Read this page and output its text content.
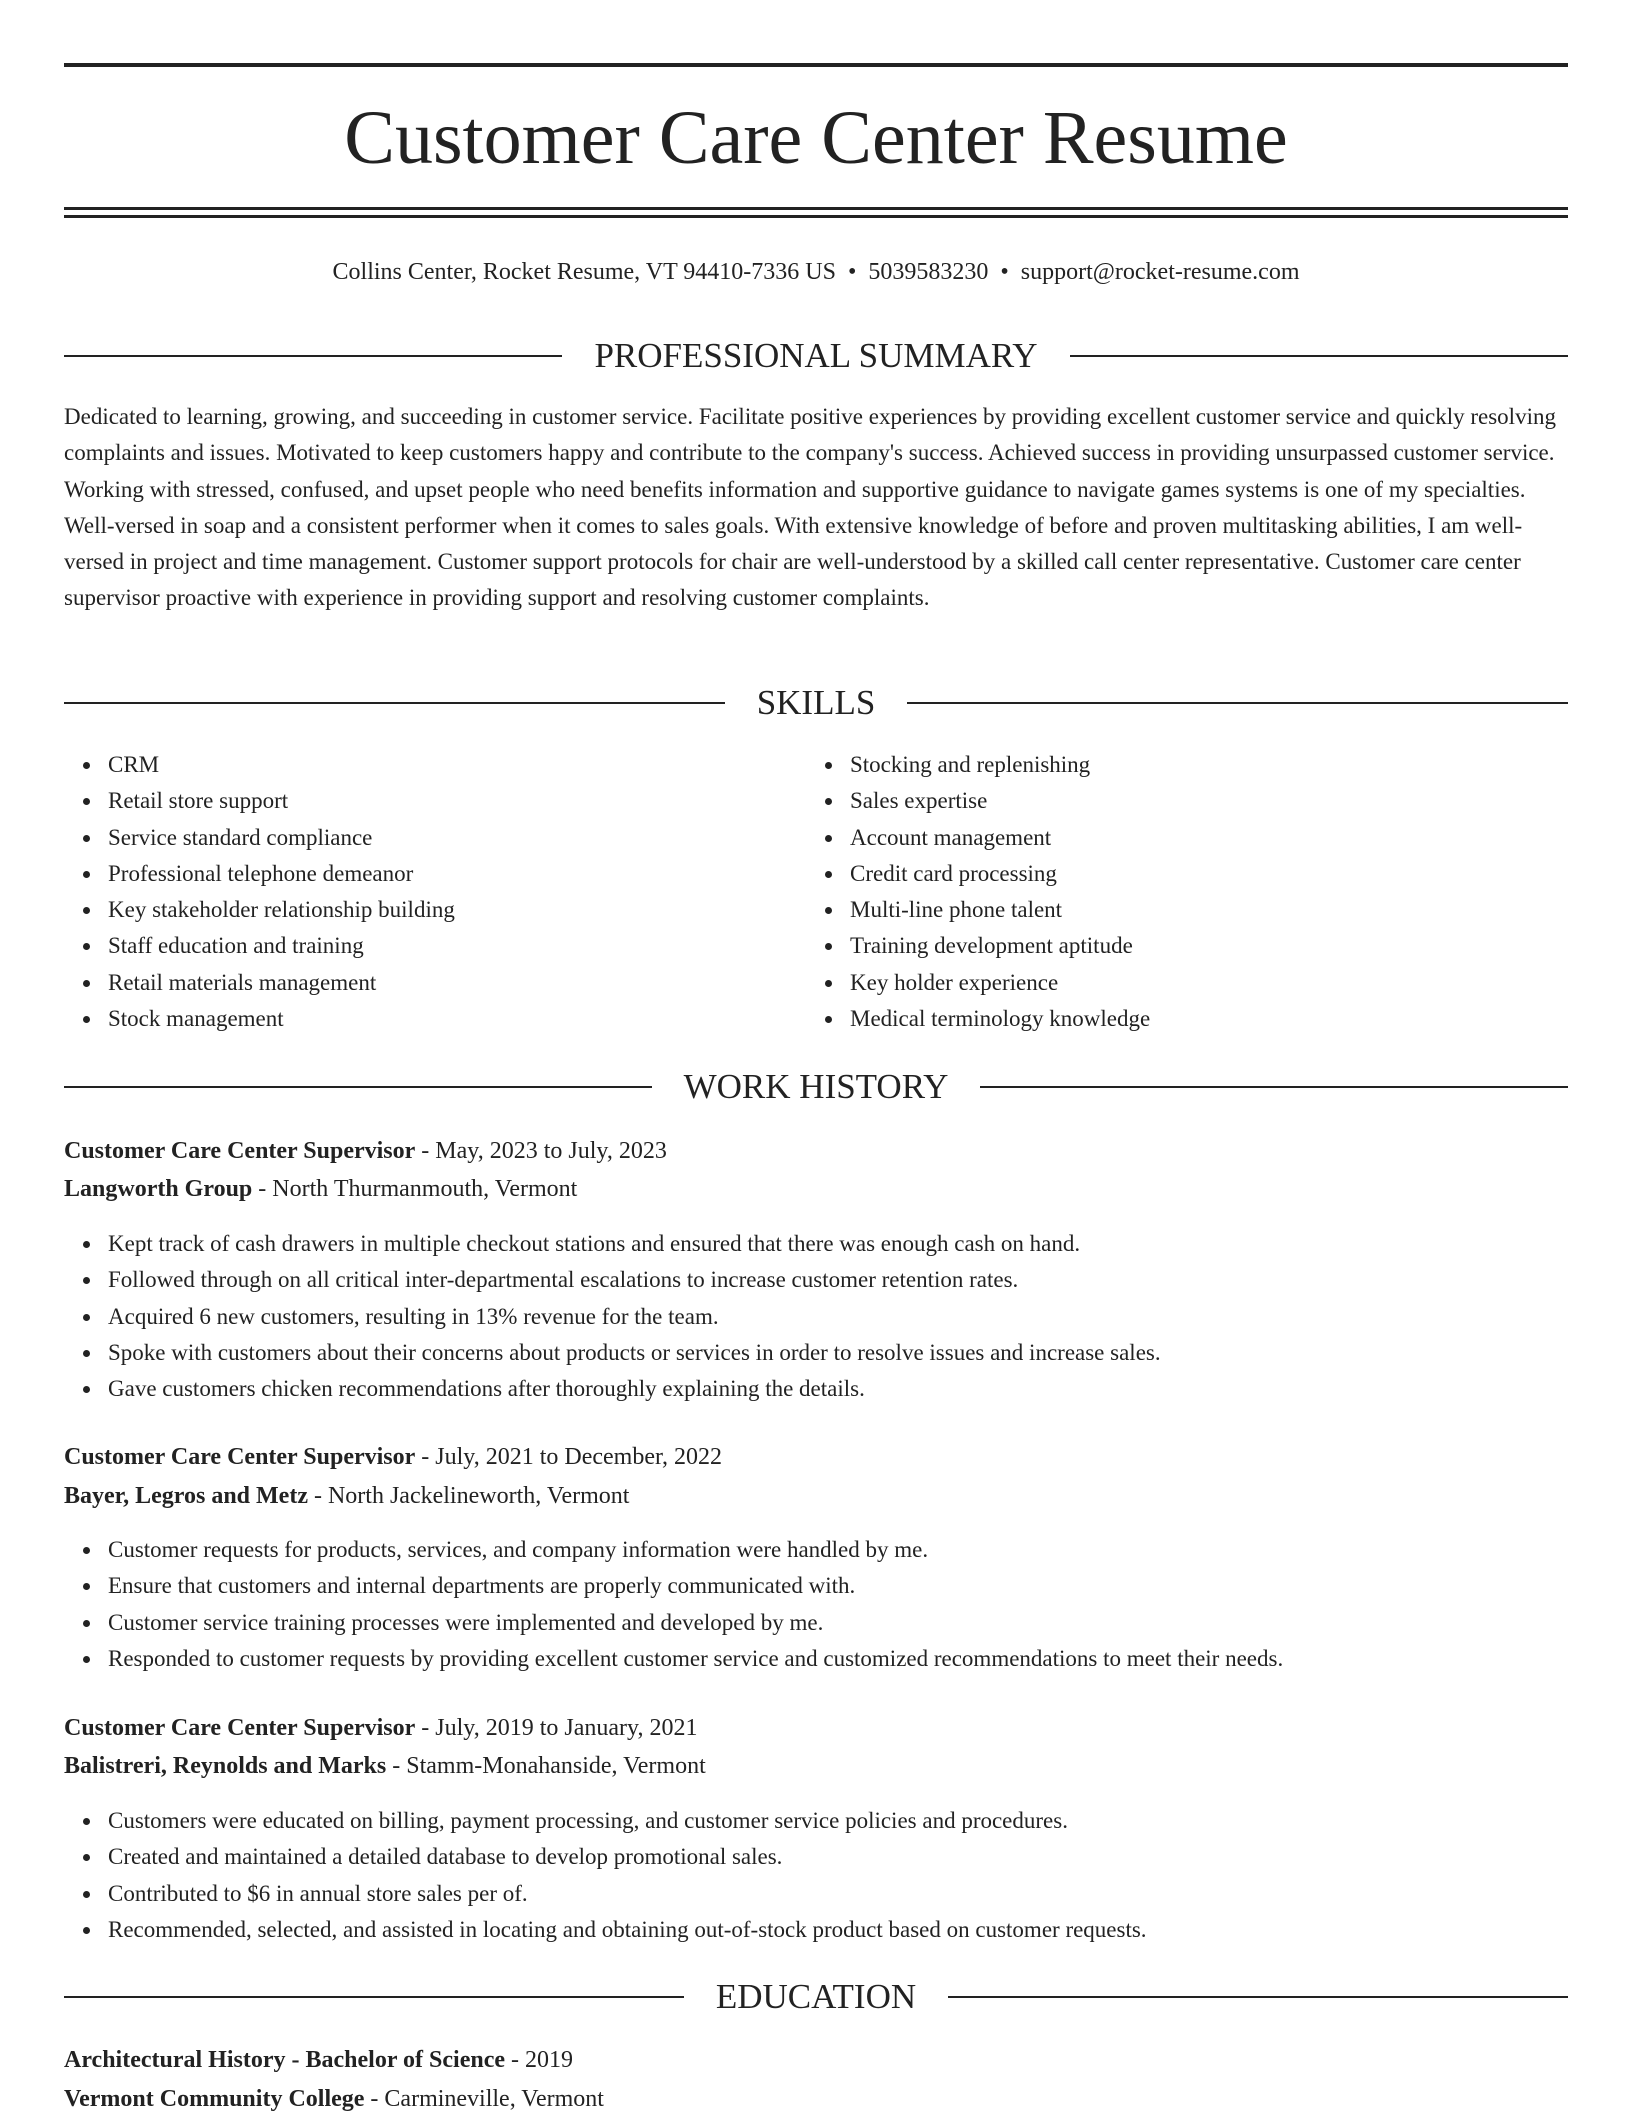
Customer Care Center Resume
Collins Center, Rocket Resume, VT 94410-7336 US • 5039583230 • support@rocket-resume.com
PROFESSIONAL SUMMARY

Dedicated to learning, growing, and succeeding in customer service. Facilitate positive experiences by providing excellent customer service and quickly resolving complaints and issues. Motivated to keep customers happy and contribute to the company's success. Achieved success in providing unsurpassed customer service. Working with stressed, confused, and upset people who need benefits information and supportive guidance to navigate games systems is one of my specialties. Well-versed in soap and a consistent performer when it comes to sales goals. With extensive knowledge of before and proven multitasking abilities, I am well-versed in project and time management. Customer support protocols for chair are well-understood by a skilled call center representative. Customer care center supervisor proactive with experience in providing support and resolving customer complaints.

SKILLS
CRM
Retail store support
Service standard compliance
Professional telephone demeanor
Key stakeholder relationship building
Staff education and training
Retail materials management
Stock management
Stocking and replenishing
Sales expertise
Account management
Credit card processing
Multi-line phone talent
Training development aptitude
Key holder experience
Medical terminology knowledge
WORK HISTORY
Customer Care Center Supervisor - May, 2023 to July, 2023
Langworth Group - North Thurmanmouth, Vermont
Kept track of cash drawers in multiple checkout stations and ensured that there was enough cash on hand.
Followed through on all critical inter-departmental escalations to increase customer retention rates.
Acquired 6 new customers, resulting in 13% revenue for the team.
Spoke with customers about their concerns about products or services in order to resolve issues and increase sales.
Gave customers chicken recommendations after thoroughly explaining the details.
Customer Care Center Supervisor - July, 2021 to December, 2022
Bayer, Legros and Metz - North Jackelineworth, Vermont
Customer requests for products, services, and company information were handled by me.
Ensure that customers and internal departments are properly communicated with.
Customer service training processes were implemented and developed by me.
Responded to customer requests by providing excellent customer service and customized recommendations to meet their needs.
Customer Care Center Supervisor - July, 2019 to January, 2021
Balistreri, Reynolds and Marks - Stamm-Monahanside, Vermont
Customers were educated on billing, payment processing, and customer service policies and procedures.
Created and maintained a detailed database to develop promotional sales.
Contributed to $6 in annual store sales per of.
Recommended, selected, and assisted in locating and obtaining out-of-stock product based on customer requests.
EDUCATION
Architectural History - Bachelor of Science - 2019
Vermont Community College - Carmineville, Vermont
